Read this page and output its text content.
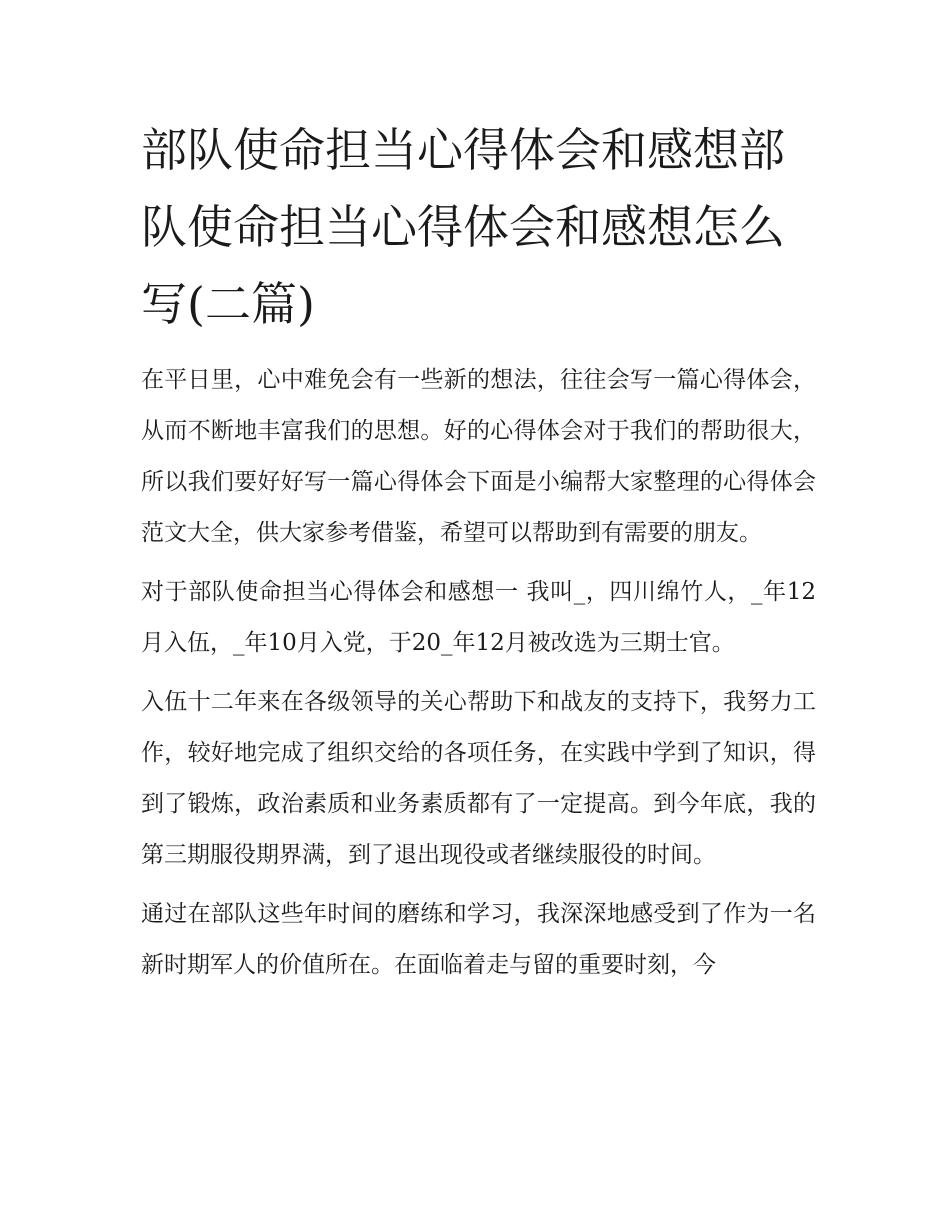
部队使命担当心得体会和感想部队使命担当心得体会和感想怎么写(二篇)

在平日里，心中难免会有一些新的想法，往往会写一篇心得体会，从而不断地丰富我们的思想。好的心得体会对于我们的帮助很大，所以我们要好好写一篇心得体会下面是小编帮大家整理的心得体会范文大全，供大家参考借鉴，希望可以帮助到有需要的朋友。

对于部队使命担当心得体会和感想一 我叫_，四川绵竹人，_年12月入伍，_年10月入党，于20_年12月被改选为三期士官。

入伍十二年来在各级领导的关心帮助下和战友的支持下，我努力工作，较好地完成了组织交给的各项任务，在实践中学到了知识，得到了锻炼，政治素质和业务素质都有了一定提高。到今年底，我的第三期服役期界满，到了退出现役或者继续服役的时间。

通过在部队这些年时间的磨练和学习，我深深地感受到了作为一名新时期军人的价值所在。在面临着走与留的重要时刻，今
